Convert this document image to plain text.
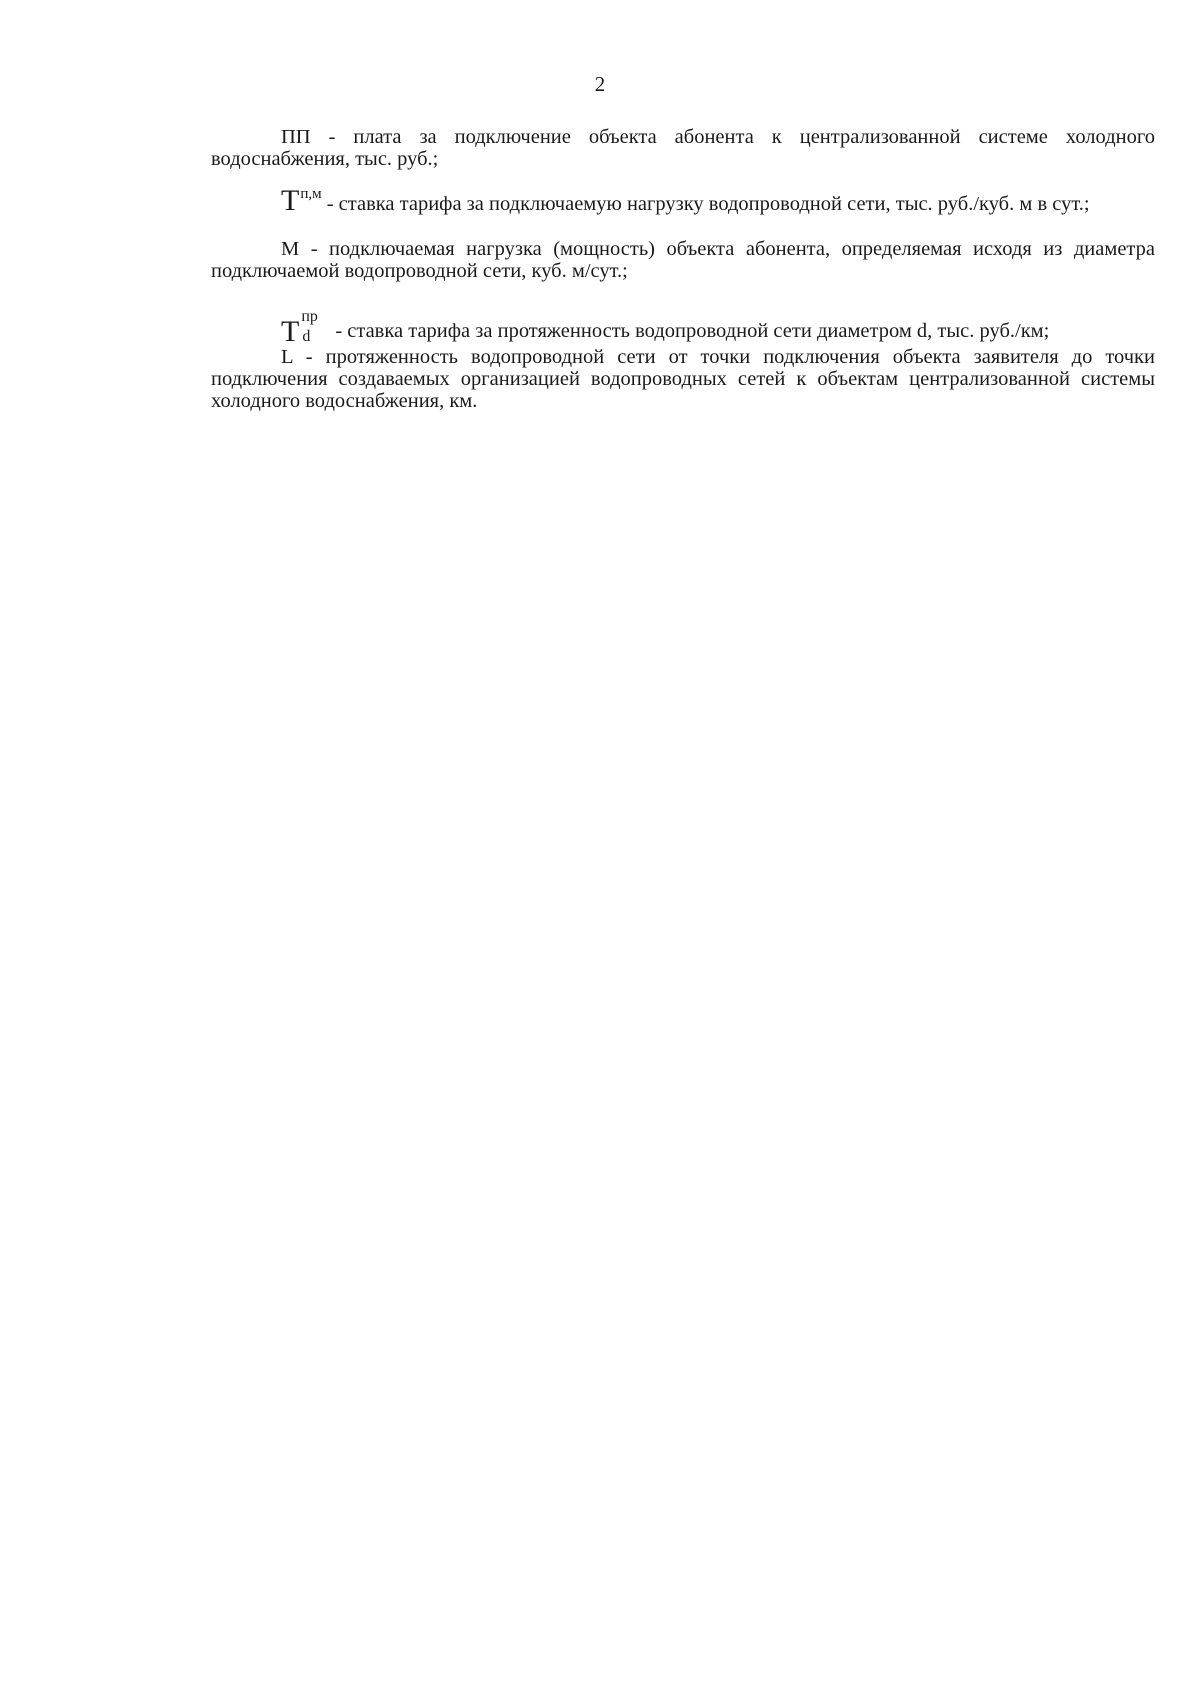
2

ПП - плата за подключение объекта абонента к централизованной системе холодного водоснабжения, тыс. руб.;

$Т^{п,м}$ - ставка тарифа за подключаемую нагрузку водопроводной сети, тыс. руб./куб. м в сут.;

М - подключаемая нагрузка (мощность) объекта абонента, определяемая исходя из диаметра подключаемой водопроводной сети, куб. м/сут.;

Т пр
d - ставка тарифа за протяженность водопроводной сети диаметром d, тыс. руб./км;

L - протяженность водопроводной сети от точки подключения объекта заявителя до точки подключения создаваемых организацией водопроводных сетей к объектам централизованной системы холодного водоснабжения, км.
